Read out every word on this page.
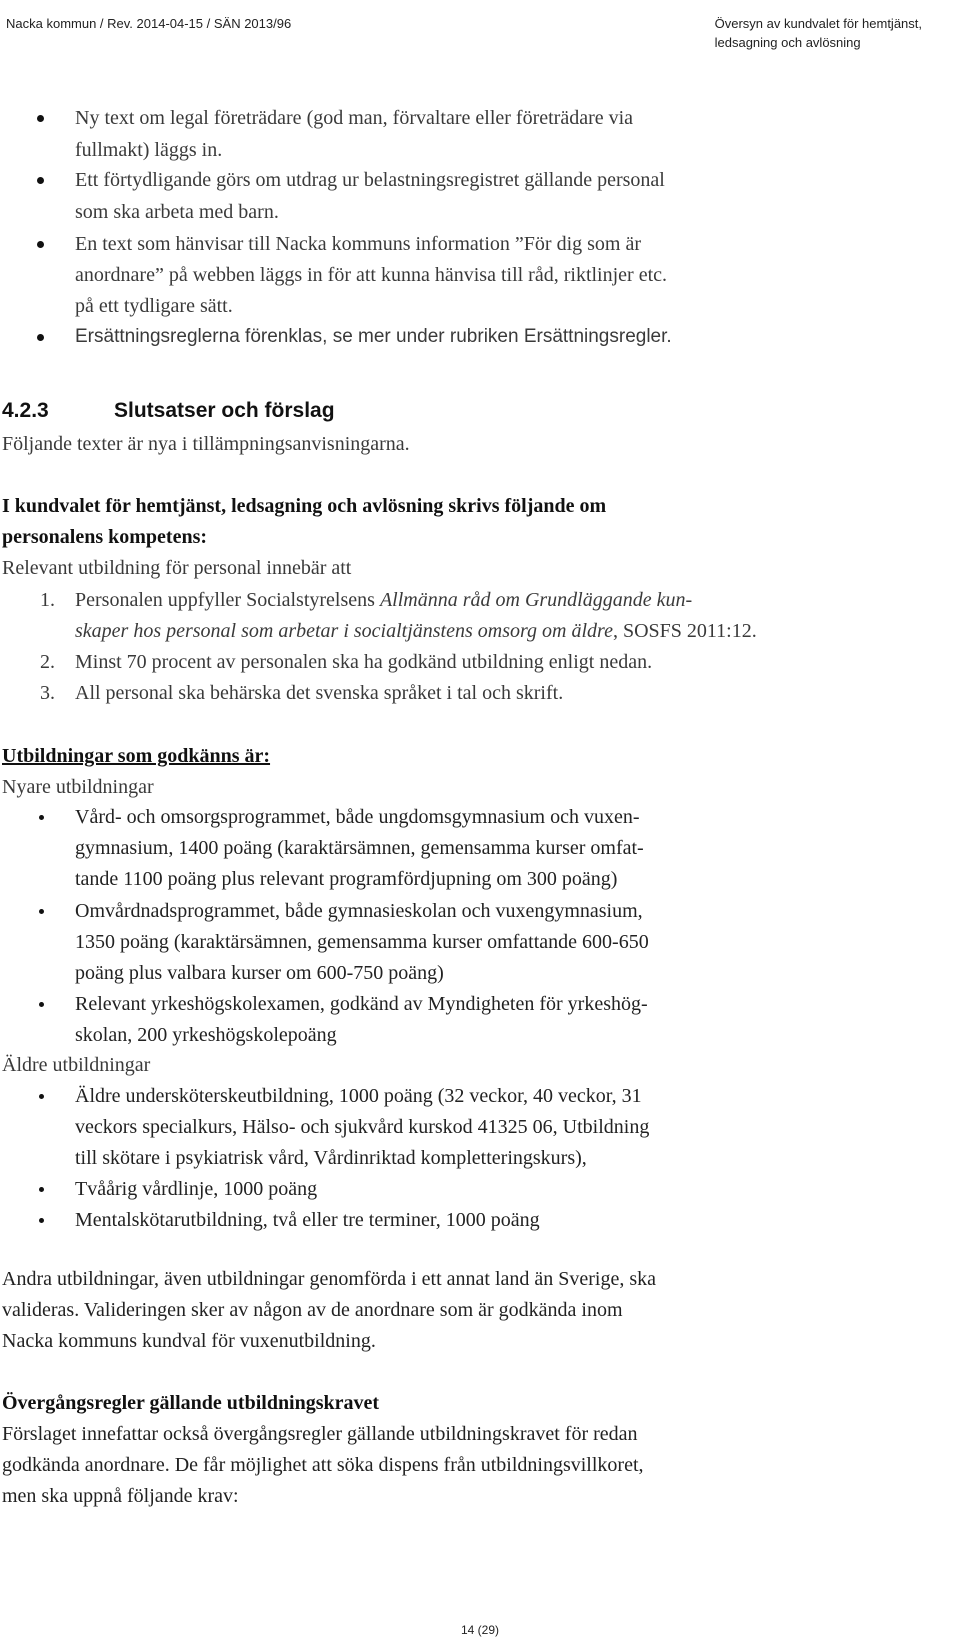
Nacka kommun / Rev. 2014-04-15 / SÄN 2013/96	Översyn av kundvalet för hemtjänst,
ledsagning och avlösning
Ny text om legal företrädare (god man, förvaltare eller företrädare via
fullmakt) läggs in.
Ett förtydligande görs om utdrag ur belastningsregistret gällande personal
som ska arbeta med barn.
En text som hänvisar till Nacka kommuns information ”För dig som är
anordnare” på webben läggs in för att kunna hänvisa till råd, riktlinjer etc.
på ett tydligare sätt.
Ersättningsreglerna förenklas, se mer under rubriken Ersättningsregler.
4.2.3	Slutsatser och förslag
Följande texter är nya i tillämpningsanvisningarna.
I kundvalet för hemtjänst, ledsagning och avlösning skrivs följande om
personalens kompetens:
Relevant utbildning för personal innebär att
1. Personalen uppfyller Socialstyrelsens Allmänna råd om Grundläggande kun-
skaper hos personal som arbetar i socialtjänstens omsorg om äldre, SOSFS 2011:12.
2. Minst 70 procent av personalen ska ha godkänd utbildning enligt nedan.
3. All personal ska behärska det svenska språket i tal och skrift.
Utbildningar som godkänns är:
Nyare utbildningar
Vård- och omsorgsprogrammet, både ungdomsgymnasium och vuxen-
gymnasium, 1400 poäng (karaktärsämnen, gemensamma kurser omfat-
tande 1100 poäng plus relevant programfördjupning om 300 poäng)
Omvårdnadsprogrammet, både gymnasieskolan och vuxengymnasium,
1350 poäng (karaktärsämnen, gemensamma kurser omfattande 600-650
poäng plus valbara kurser om 600-750 poäng)
Relevant yrkeshögskolexamen, godkänd av Myndigheten för yrkeshög-
skolan, 200 yrkeshögskolepoäng
Äldre utbildningar
Äldre undersköterskeutbildning, 1000 poäng (32 veckor, 40 veckor, 31
veckors specialkurs, Hälso- och sjukvård kurskod 41325 06, Utbildning
till skötare i psykiatrisk vård, Vårdinriktad kompletteringskurs),
Tvåårig vårdlinje, 1000 poäng
Mentalskötarutbildning, två eller tre terminer, 1000 poäng
Andra utbildningar, även utbildningar genomförda i ett annat land än Sverige, ska
valideras. Valideringen sker av någon av de anordnare som är godkända inom
Nacka kommuns kundval för vuxenutbildning.
Övergångsregler gällande utbildningskravet
Förslaget innefattar också övergångsregler gällande utbildningskravet för redan
godkända anordnare. De får möjlighet att söka dispens från utbildningsvillkoret,
men ska uppnå följande krav:
14 (29)
